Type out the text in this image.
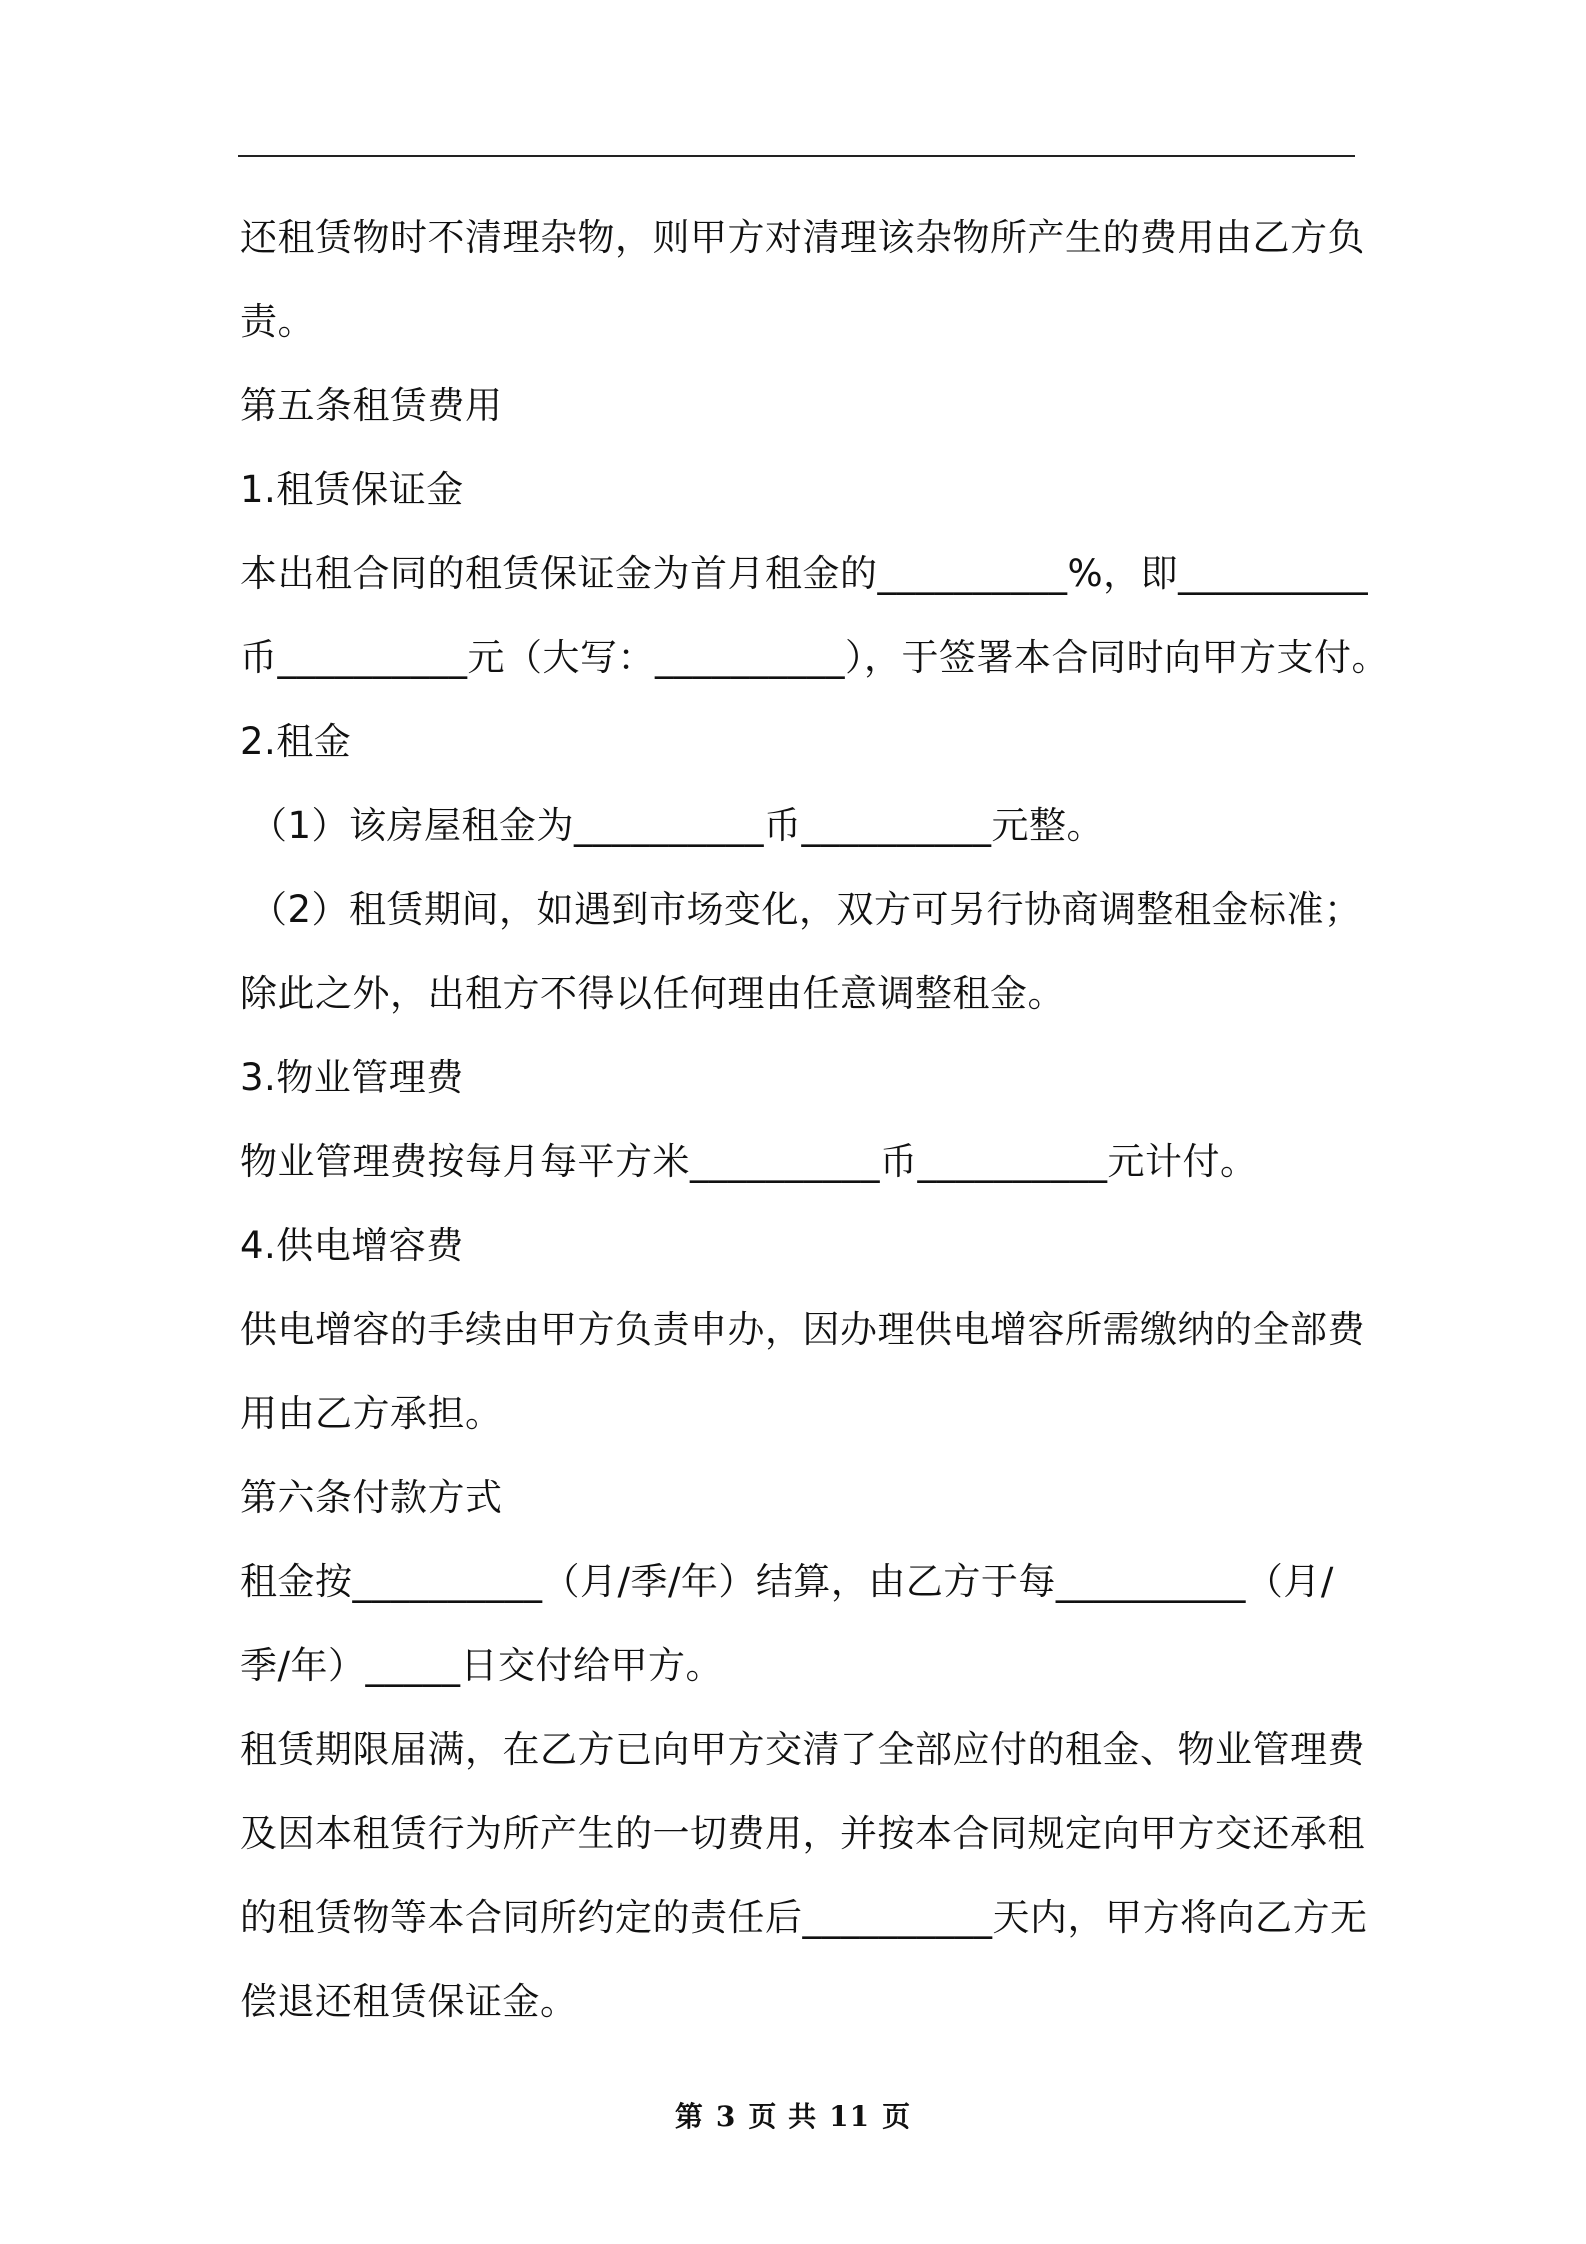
还租赁物时不清理杂物，则甲方对清理该杂物所产生的费用由乙方负
责。
第五条租赁费用
1.租赁保证金
本出租合同的租赁保证金为首月租金的__________%，即__________
币__________元（大写：__________），于签署本合同时向甲方支付。
2.租金
（1）该房屋租金为__________币__________元整。
（2）租赁期间，如遇到市场变化，双方可另行协商调整租金标准；
除此之外，出租方不得以任何理由任意调整租金。
3.物业管理费
物业管理费按每月每平方米__________币__________元计付。
4.供电增容费
供电增容的手续由甲方负责申办，因办理供电增容所需缴纳的全部费
用由乙方承担。
第六条付款方式
租金按__________（月/季/年）结算，由乙方于每__________（月/
季/年）_____日交付给甲方。
租赁期限届满，在乙方已向甲方交清了全部应付的租金、物业管理费
及因本租赁行为所产生的一切费用，并按本合同规定向甲方交还承租
的租赁物等本合同所约定的责任后__________天内，甲方将向乙方无
偿退还租赁保证金。
第 3 页 共 11 页
